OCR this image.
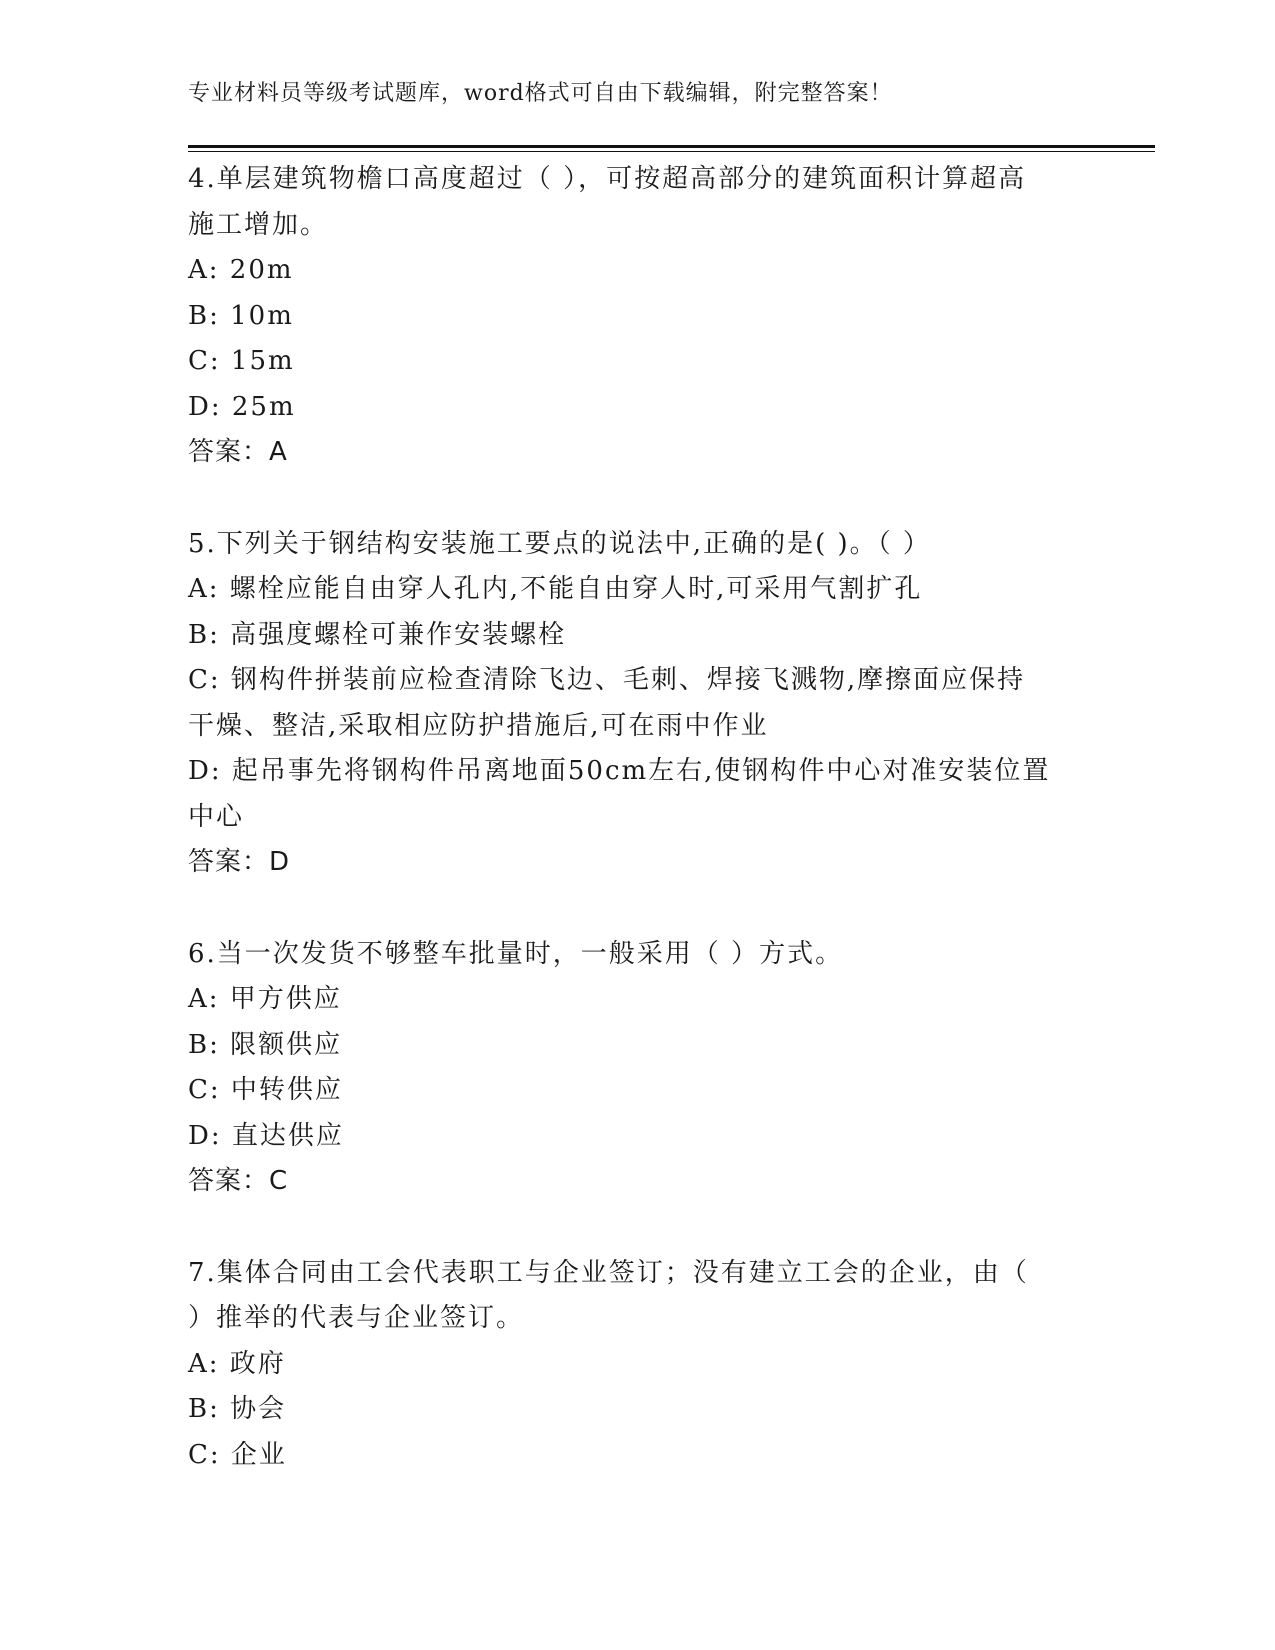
专业材料员等级考试题库，word格式可自由下载编辑，附完整答案！
4.单层建筑物檐口高度超过（ ），可按超高部分的建筑面积计算超高
施工增加。
A: 20m
B: 10m
C: 15m
D: 25m
答案：A
5.下列关于钢结构安装施工要点的说法中,正确的是( )。（ ）
A: 螺栓应能自由穿人孔内,不能自由穿人时,可采用气割扩孔
B: 高强度螺栓可兼作安装螺栓
C: 钢构件拼装前应检查清除飞边、毛刺、焊接飞溅物,摩擦面应保持
干燥、整洁,采取相应防护措施后,可在雨中作业
D: 起吊事先将钢构件吊离地面50cm左右,使钢构件中心对准安装位置
中心
答案：D
6.当一次发货不够整车批量时，一般采用（ ）方式。
A: 甲方供应
B: 限额供应
C: 中转供应
D: 直达供应
答案：C
7.集体合同由工会代表职工与企业签订；没有建立工会的企业，由（
）推举的代表与企业签订。
A: 政府
B: 协会
C: 企业
